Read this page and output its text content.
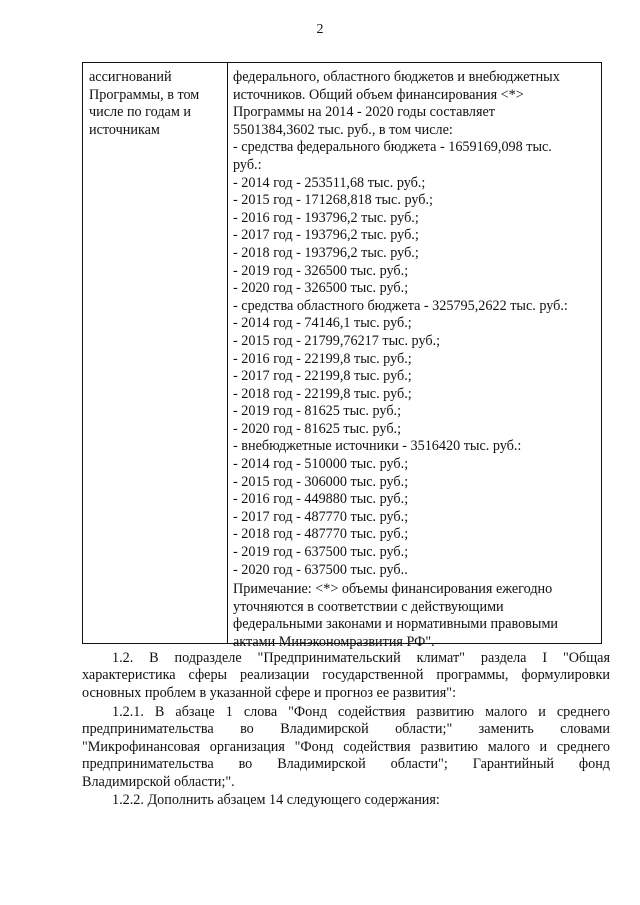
2
ассигнований
Программы, в том
числе по годам и
источникам
федерального, областного бюджетов и внебюджетных
источников. Общий объем финансирования <*>
Программы на 2014 - 2020 годы составляет
5501384,3602 тыс. руб., в том числе:
- средства федерального бюджета - 1659169,098 тыс.
руб.:
- 2014 год - 253511,68 тыс. руб.;
- 2015 год - 171268,818 тыс. руб.;
- 2016 год - 193796,2 тыс. руб.;
- 2017 год - 193796,2 тыс. руб.;
- 2018 год - 193796,2 тыс. руб.;
- 2019 год - 326500 тыс. руб.;
- 2020 год - 326500 тыс. руб.;
- средства областного бюджета - 325795,2622 тыс. руб.:
- 2014 год - 74146,1 тыс. руб.;
- 2015 год - 21799,76217 тыс. руб.;
- 2016 год - 22199,8 тыс. руб.;
- 2017 год - 22199,8 тыс. руб.;
- 2018 год - 22199,8 тыс. руб.;
- 2019 год - 81625 тыс. руб.;
- 2020 год - 81625 тыс. руб.;
- внебюджетные источники - 3516420 тыс. руб.:
- 2014 год - 510000 тыс. руб.;
- 2015 год - 306000 тыс. руб.;
- 2016 год - 449880 тыс. руб.;
- 2017 год - 487770 тыс. руб.;
- 2018 год - 487770 тыс. руб.;
- 2019 год - 637500 тыс. руб.;
- 2020 год - 637500 тыс. руб..
Примечание: <*> объемы финансирования ежегодно
уточняются в соответствии с действующими
федеральными законами и нормативными правовыми
актами Минэкономразвития РФ".
1.2. В подразделе "Предпринимательский климат" раздела I "Общая
характеристика сферы реализации государственной программы, формулировки
основных проблем в указанной сфере и прогноз ее развития":
1.2.1. В абзаце 1 слова "Фонд содействия развитию малого и среднего
предпринимательства во Владимирской области;" заменить словами
"Микрофинансовая организация "Фонд содействия развитию малого и среднего
предпринимательства во Владимирской области"; Гарантийный фонд
Владимирской области;".
1.2.2. Дополнить абзацем 14 следующего содержания:
